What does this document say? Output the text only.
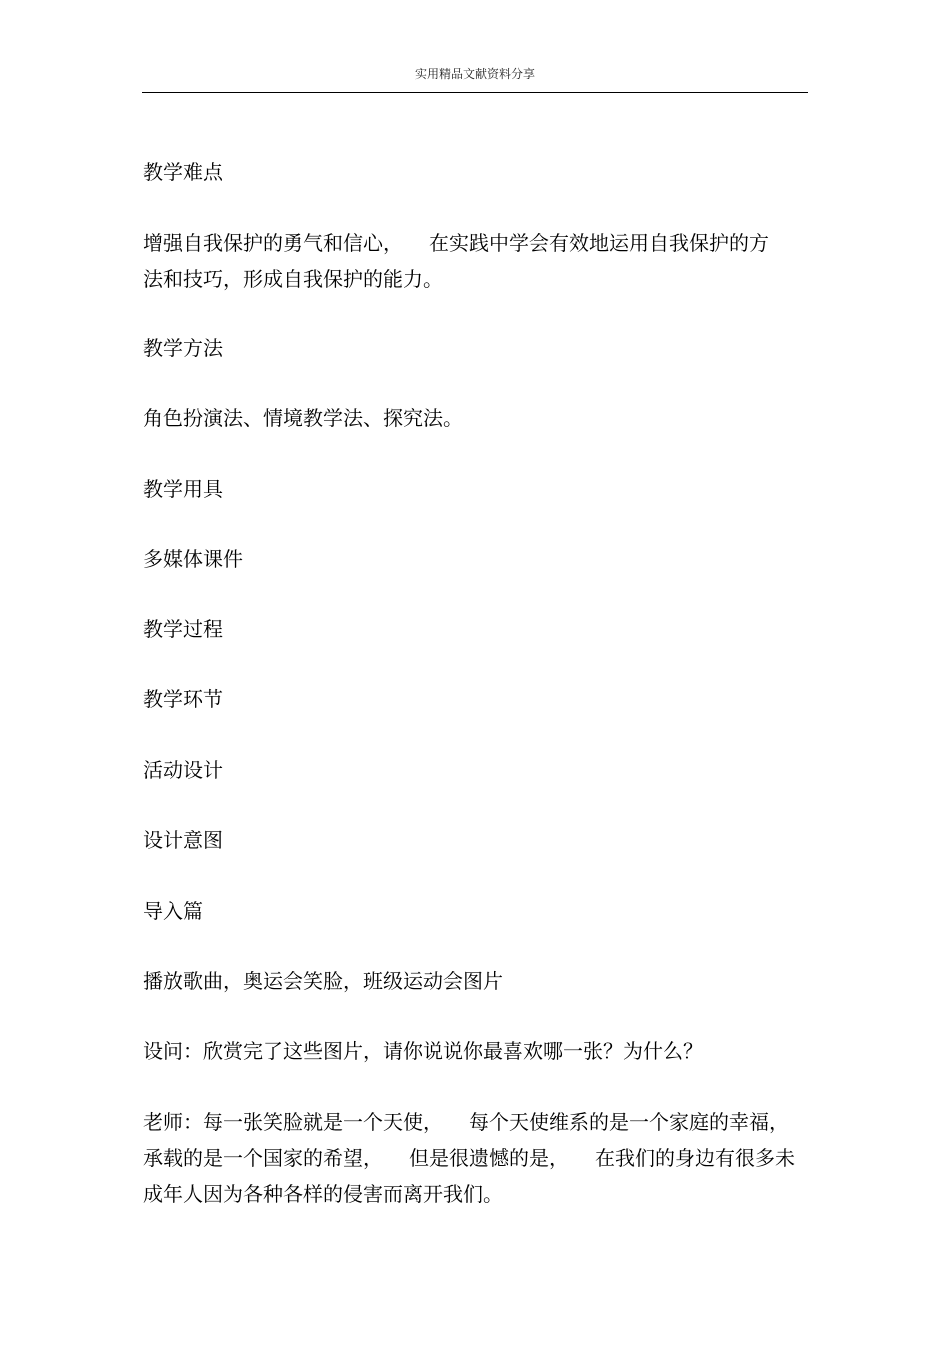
实用精品文献资料分享

教学难点

增强自我保护的勇气和信心， 在实践中学会有效地运用自我保护的方
法和技巧，形成自我保护的能力。

教学方法

角色扮演法、情境教学法、探究法。

教学用具

多媒体课件

教学过程

教学环节

活动设计

设计意图

导入篇

播放歌曲，奥运会笑脸，班级运动会图片

设问：欣赏完了这些图片，请你说说你最喜欢哪一张？为什么？

老师：每一张笑脸就是一个天使， 每个天使维系的是一个家庭的幸福，
承载的是一个国家的希望， 但是很遗憾的是， 在我们的身边有很多未
成年人因为各种各样的侵害而离开我们。
